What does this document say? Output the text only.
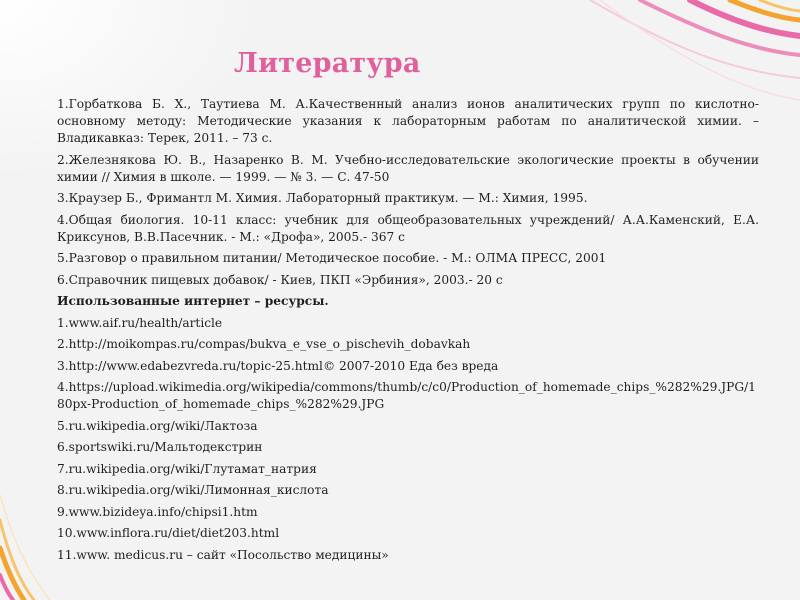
Литература

1.Горбаткова Б. Х., Таутиева М. А.Качественный анализ ионов аналитических групп по кислотно-основному методу: Методические указания к лабораторным работам по аналитической химии. – Владикавказ: Терек, 2011. – 73 с.

2.Железнякова Ю. В., Назаренко В. М. Учебно-исследовательские экологические проекты в обучении химии // Химия в школе. — 1999. — № 3. — С. 47-50

3.Краузер Б., Фримантл М. Химия. Лабораторный практикум. — М.: Химия, 1995.

4.Общая биология. 10-11 класс: учебник для общеобразовательных учреждений/ А.А.Каменский, Е.А. Криксунов, В.В.Пасечник. - М.: «Дрофа», 2005.- 367 с

5.Разговор о правильном питании/ Методическое пособие. - М.: ОЛМА ПРЕСС, 2001

6.Справочник пищевых добавок/ - Киев, ПКП «Эрбиния», 2003.- 20 с

Использованные интернет – ресурсы.

1.www.aif.ru/health/article

2.http://moikompas.ru/compas/bukva_e_vse_o_pischevih_dobavkah

3.http://www.edabezvreda.ru/topic-25.html© 2007-2010 Еда без вреда

4.https://upload.wikimedia.org/wikipedia/commons/thumb/c/c0/Production_of_homemade_chips_%282%29.JPG/180px-Production_of_homemade_chips_%282%29.JPG

5.ru.wikipedia.org/wiki/Лактоза

6.sportswiki.ru/Мальтодекстрин

7.ru.wikipedia.org/wiki/Глутамат_натрия

8.ru.wikipedia.org/wiki/Лимонная_кислота

9.www.bizideya.info/chipsi1.htm

10.www.inflora.ru/diet/diet203.html

11.www. medicus.ru – сайт «Посольство медицины»
